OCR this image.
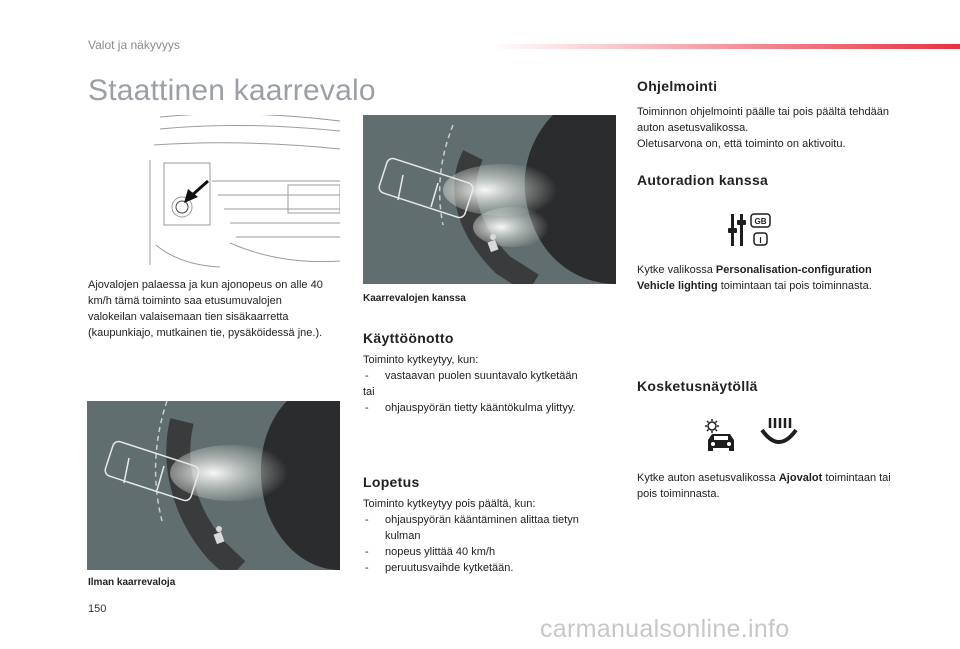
Valot ja näkyvyys
Staattinen kaarrevalo
Ajovalojen palaessa ja kun ajonopeus on alle 40 km/h tämä toiminto saa etusumuvalojen valokeilan valaisemaan tien sisäkaarretta (kaupunkiajo, mutkainen tie, pysäköidessä jne.).
Kaarrevalojen kanssa
Käyttöönotto
Toiminto kytkeytyy, kun:
- vastaavan puolen suuntavalo kytketään
tai
- ohjauspyörän tietty kääntökulma ylittyy.
Ilman kaarrevaloja
Lopetus
Toiminto kytkeytyy pois päältä, kun:
- ohjauspyörän kääntäminen alittaa tietyn kulman
- nopeus ylittää 40 km/h
- peruutusvaihde kytketään.
Ohjelmointi
Toiminnon ohjelmointi päälle tai pois päältä tehdään auton asetusvalikossa.
Oletusarvona on, että toiminto on aktivoitu.
Autoradion kanssa
GB
I
Kytke valikossa Personalisation-configuration Vehicle lighting toimintaan tai pois toiminnasta.
Kosketusnäytöllä
Kytke auton asetusvalikossa Ajovalot toimintaan tai pois toiminnasta.
150
carmanualsonline.info
